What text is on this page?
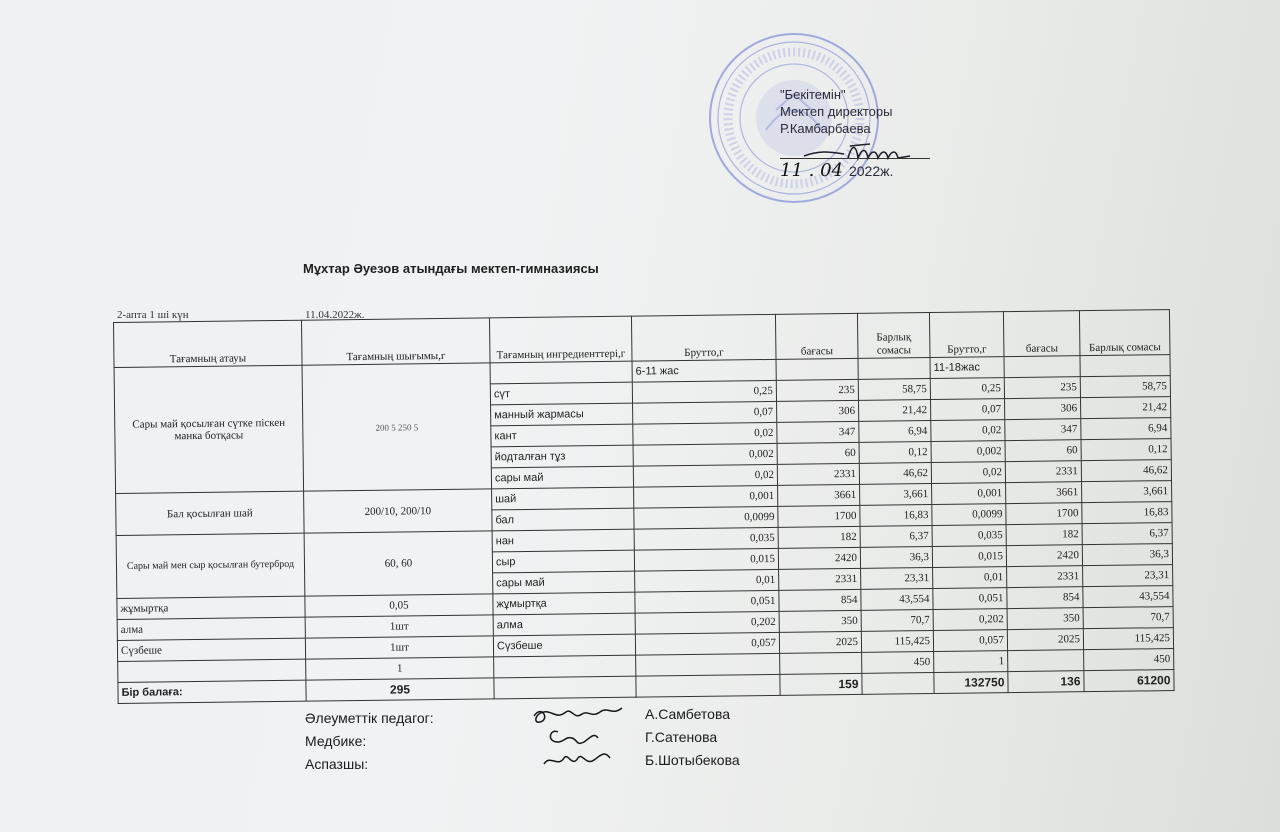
"Бекітемін"
Мектеп директоры
Р.Камбарбаева
11 . 04 2022ж.
Мұхтар Әуезов атындағы мектеп-гимназиясы
2-апта 1 ші күн	11.04.2022ж.
Тағамның атауы	Тағамның шығымы,г	Тағамның ингредиенттері,г	Брутто,г	бағасы	Барлық сомасы	Брутто,г	бағасы	Барлық сомасы
Сары май қосылған сүтке піскен манка ботқасы	200 5 250 5		6-11 жас			11-18жас		
		сүт	0,25	235	58,75	0,25	235	58,75
		манный жармасы	0,07	306	21,42	0,07	306	21,42
		кант	0,02	347	6,94	0,02	347	6,94
		йодталған тұз	0,002	60	0,12	0,002	60	0,12
		сары май	0,02	2331	46,62	0,02	2331	46,62
Бал қосылған шай	200/10, 200/10	шай	0,001	3661	3,661	0,001	3661	3,661
		бал	0,0099	1700	16,83	0,0099	1700	16,83
Сары май мен сыр қосылған бутерброд	60, 60	нан	0,035	182	6,37	0,035	182	6,37
		сыр	0,015	2420	36,3	0,015	2420	36,3
		сары май	0,01	2331	23,31	0,01	2331	23,31
жұмыртқа	0,05	жұмыртқа	0,051	854	43,554	0,051	854	43,554
алма	1шт	алма	0,202	350	70,7	0,202	350	70,7
Сүзбеше	1шт	Сүзбеше	0,057	2025	115,425	0,057	2025	115,425
	1				450	1		450
Бір балаға:	295			159		132750	136	61200
Әлеуметтік педагог:
Медбике:
Аспазшы:
А.Самбетова
Г.Сатенова
Б.Шотыбекова
